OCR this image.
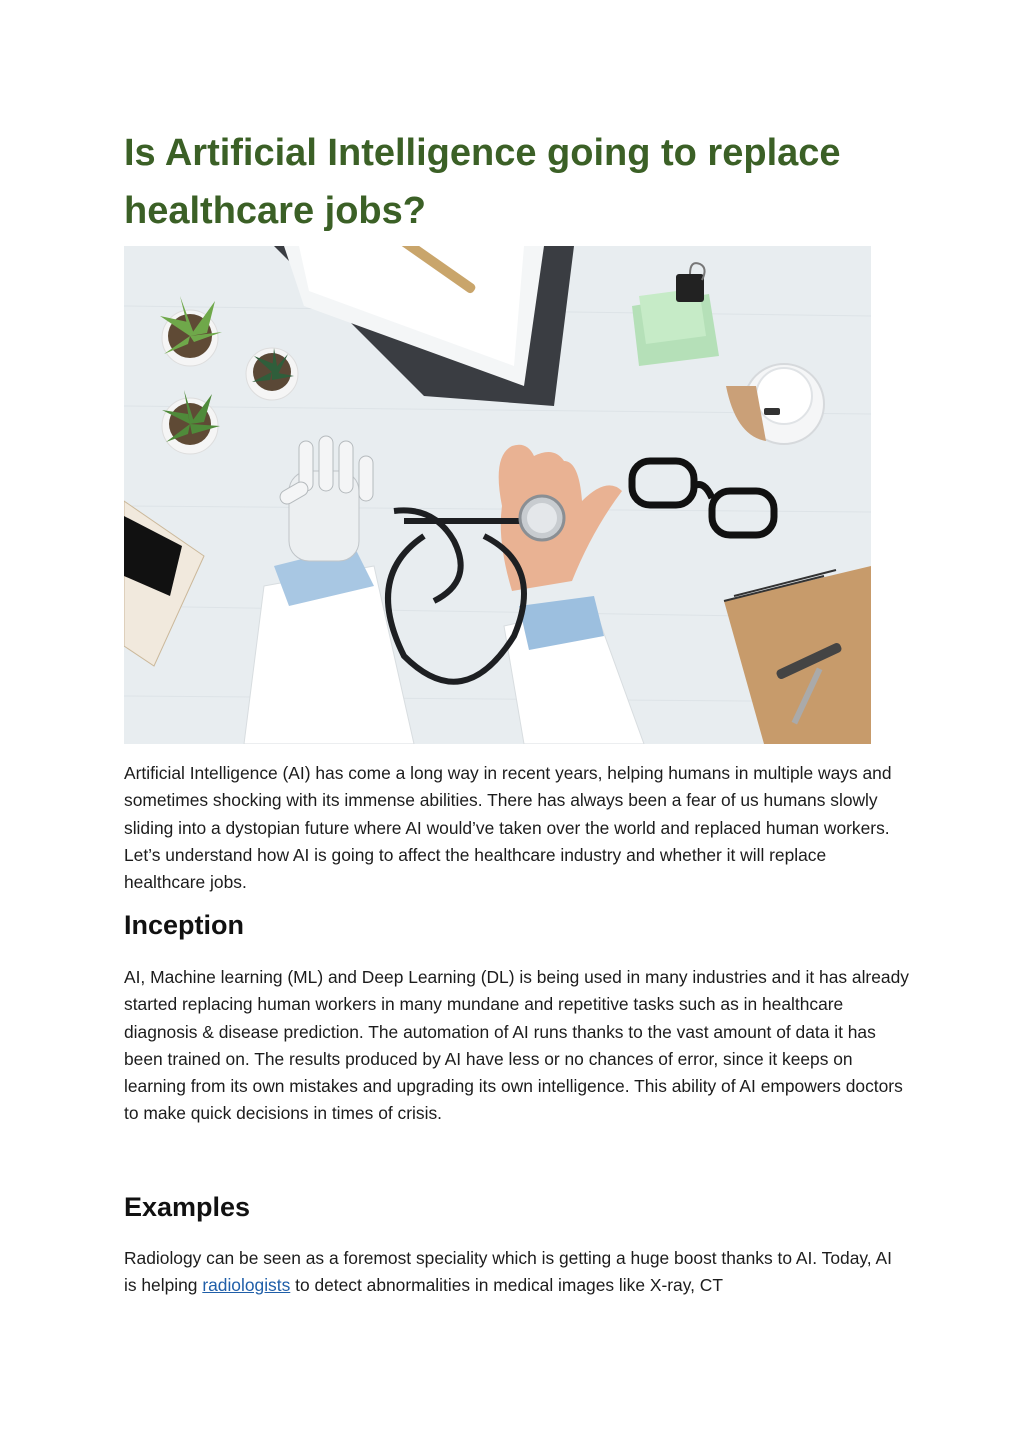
Is Artificial Intelligence going to replace healthcare jobs?

Artificial Intelligence (AI) has come a long way in recent years, helping humans in multiple ways and sometimes shocking with its immense abilities. There has always been a fear of us humans slowly sliding into a dystopian future where AI would’ve taken over the world and replaced human workers. Let’s understand how AI is going to affect the healthcare industry and whether it will replace healthcare jobs.

Inception

AI, Machine learning (ML) and Deep Learning (DL) is being used in many industries and it has already started replacing human workers in many mundane and repetitive tasks such as in healthcare diagnosis & disease prediction. The automation of AI runs thanks to the vast amount of data it has been trained on. The results produced by AI have less or no chances of error, since it keeps on learning from its own mistakes and upgrading its own intelligence. This ability of AI empowers doctors to make quick decisions in times of crisis.

Examples

Radiology can be seen as a foremost speciality which is getting a huge boost thanks to AI. Today, AI is helping radiologists to detect abnormalities in medical images like X-ray, CT
